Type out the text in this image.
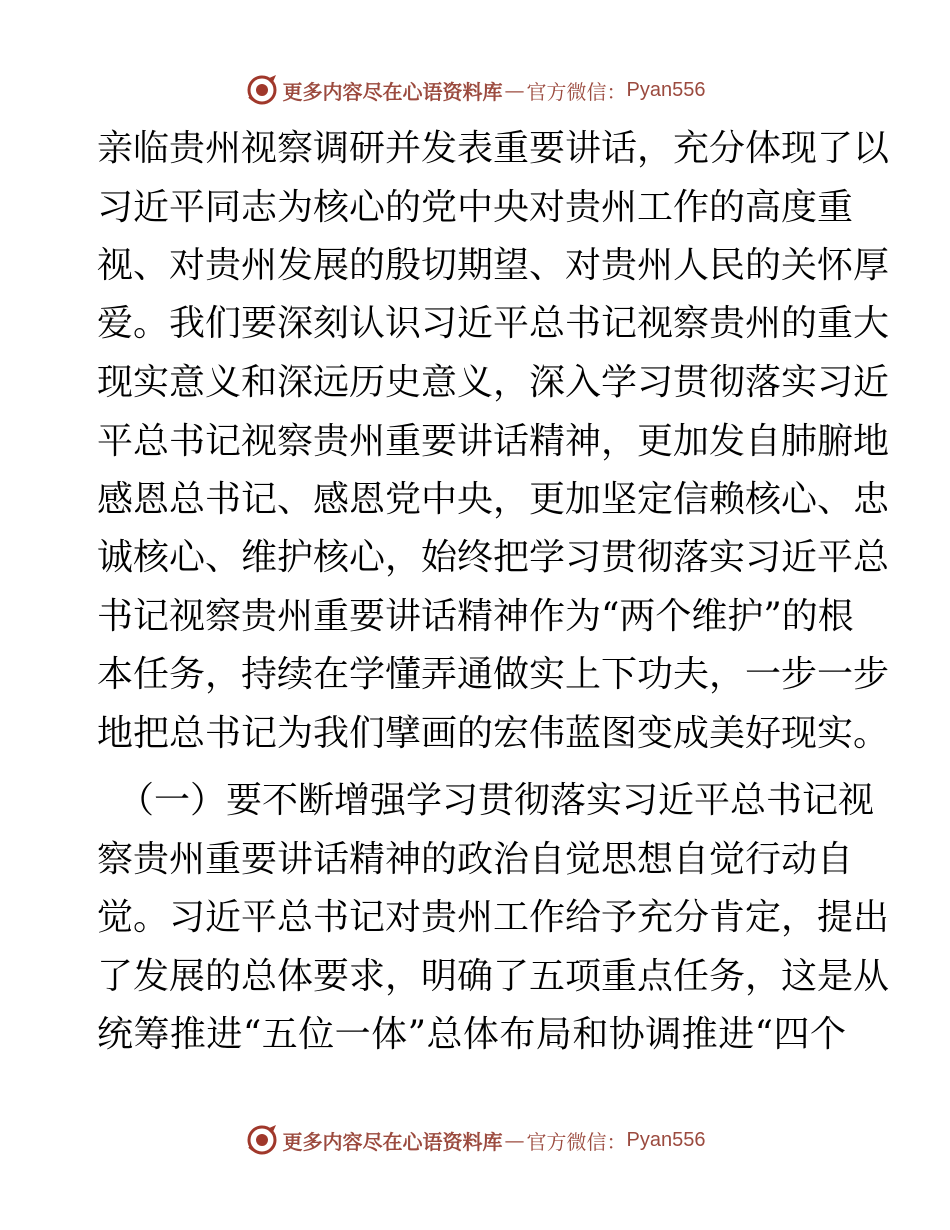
更多内容尽在心语资料库 — 官方微信： Pyan556
亲临贵州视察调研并发表重要讲话，充分体现了以
习近平同志为核心的党中央对贵州工作的高度重
视、对贵州发展的殷切期望、对贵州人民的关怀厚
爱。我们要深刻认识习近平总书记视察贵州的重大
现实意义和深远历史意义，深入学习贯彻落实习近
平总书记视察贵州重要讲话精神，更加发自肺腑地
感恩总书记、感恩党中央，更加坚定信赖核心、忠
诚核心、维护核心，始终把学习贯彻落实习近平总
书记视察贵州重要讲话精神作为“两个维护”的根
本任务，持续在学懂弄通做实上下功夫，一步一步
地把总书记为我们擘画的宏伟蓝图变成美好现实。
（一）要不断增强学习贯彻落实习近平总书记视
察贵州重要讲话精神的政治自觉思想自觉行动自
觉。习近平总书记对贵州工作给予充分肯定，提出
了发展的总体要求，明确了五项重点任务，这是从
统筹推进“五位一体”总体布局和协调推进“四个
更多内容尽在心语资料库 — 官方微信： Pyan556
